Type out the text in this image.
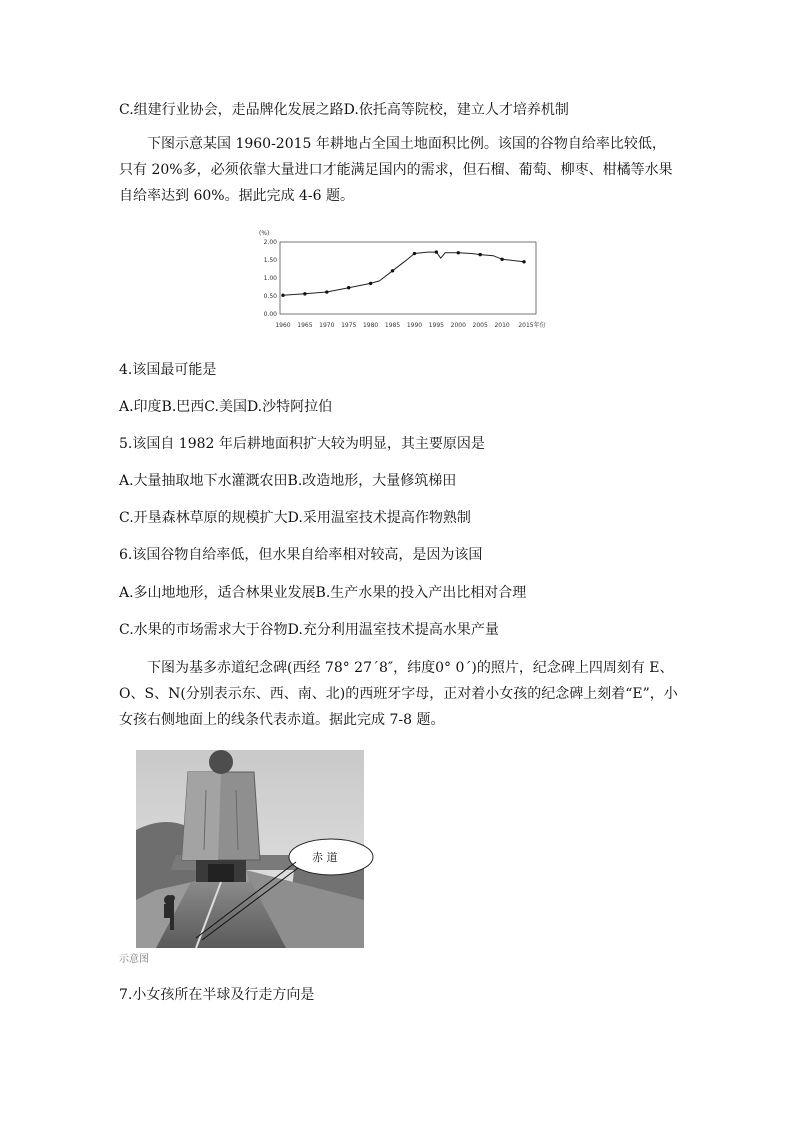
C.组建行业协会，走品牌化发展之路D.依托高等院校，建立人才培养机制
下图示意某国 1960-2015 年耕地占全国土地面积比例。该国的谷物自给率比较低，只有 20%多，必须依靠大量进口才能满足国内的需求，但石榴、葡萄、柳枣、柑橘等水果自给率达到 60%。据此完成 4-6 题。
(%)
0.00
0.50
1.00
1.50
2.00
1960 1965 1970 1975 1980 1985 1990 1995 2000 2005 2010 2015年份
4.该国最可能是
A.印度B.巴西C.美国D.沙特阿拉伯
5.该国自 1982 年后耕地面积扩大较为明显，其主要原因是
A.大量抽取地下水灌溉农田B.改造地形，大量修筑梯田
C.开垦森林草原的规模扩大D.采用温室技术提高作物熟制
6.该国谷物自给率低，但水果自给率相对较高，是因为该国
A.多山地地形，适合林果业发展B.生产水果的投入产出比相对合理
C.水果的市场需求大于谷物D.充分利用温室技术提高水果产量
下图为基多赤道纪念碑(西经 78° 27´8″，纬度0° 0´)的照片，纪念碑上四周刻有 E、O、S、N(分别表示东、西、南、北)的西班牙字母，正对着小女孩的纪念碑上刻着“E”，小女孩右侧地面上的线条代表赤道。据此完成 7-8 题。
赤 道
示意图
7.小女孩所在半球及行走方向是
